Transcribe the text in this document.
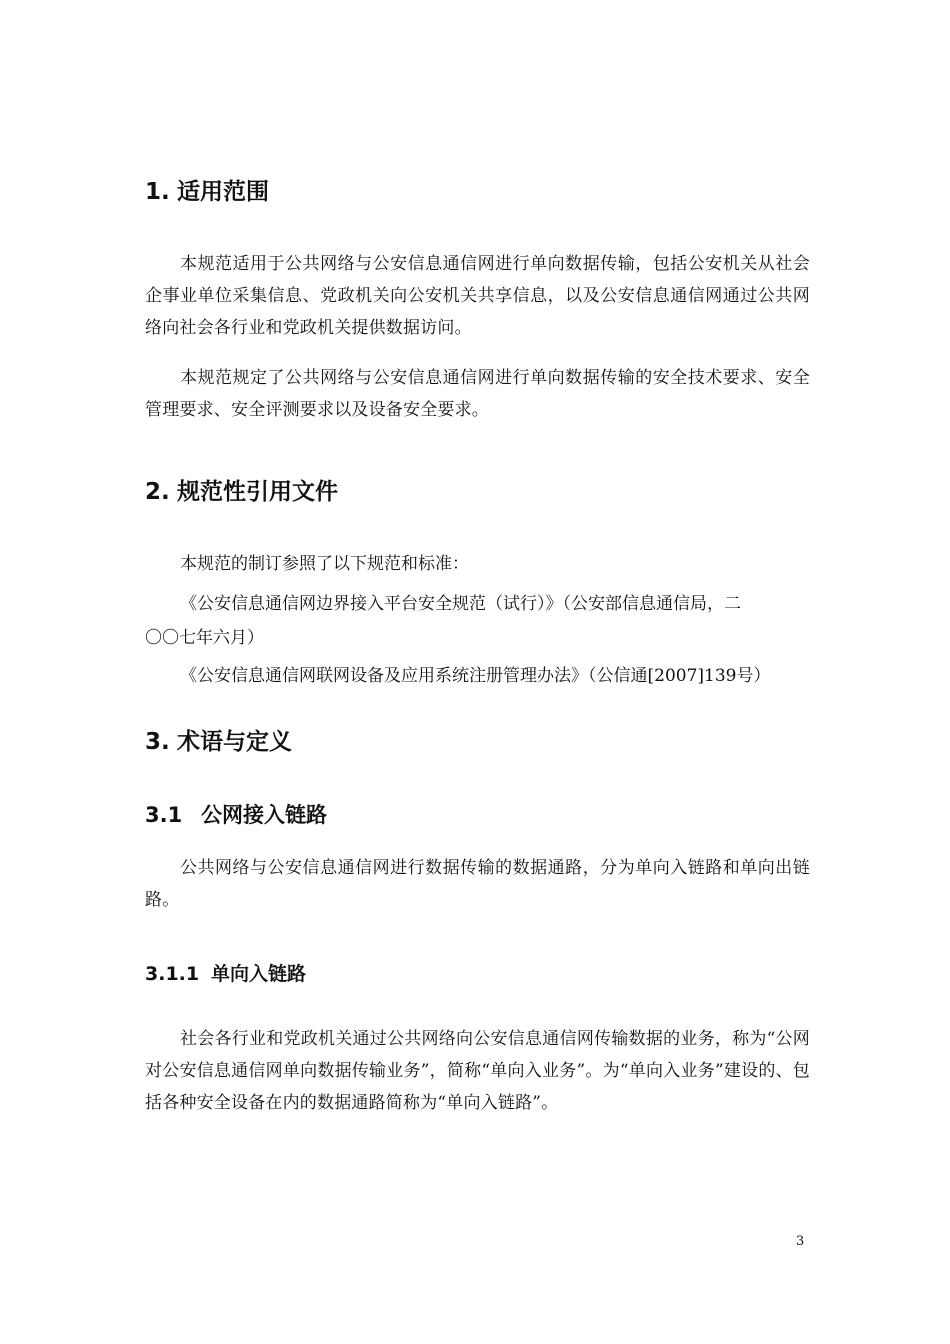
1. 适用范围

本规范适用于公共网络与公安信息通信网进行单向数据传输，包括公安机关从社会企事业单位采集信息、党政机关向公安机关共享信息，以及公安信息通信网通过公共网络向社会各行业和党政机关提供数据访问。

本规范规定了公共网络与公安信息通信网进行单向数据传输的安全技术要求、安全管理要求、安全评测要求以及设备安全要求。

2. 规范性引用文件
本规范的制订参照了以下规范和标准：
《公安信息通信网边界接入平台安全规范（试行）》（公安部信息通信局，二
〇〇七年六月）
《公安信息通信网联网设备及应用系统注册管理办法》（公信通[2007]139号）
3. 术语与定义
3.1 公网接入链路

公共网络与公安信息通信网进行数据传输的数据通路，分为单向入链路和单向出链路。

3.1.1 单向入链路

社会各行业和党政机关通过公共网络向公安信息通信网传输数据的业务，称为“公网对公安信息通信网单向数据传输业务”，简称“单向入业务”。为“单向入业务”建设的、包括各种安全设备在内的数据通路简称为“单向入链路”。

3
